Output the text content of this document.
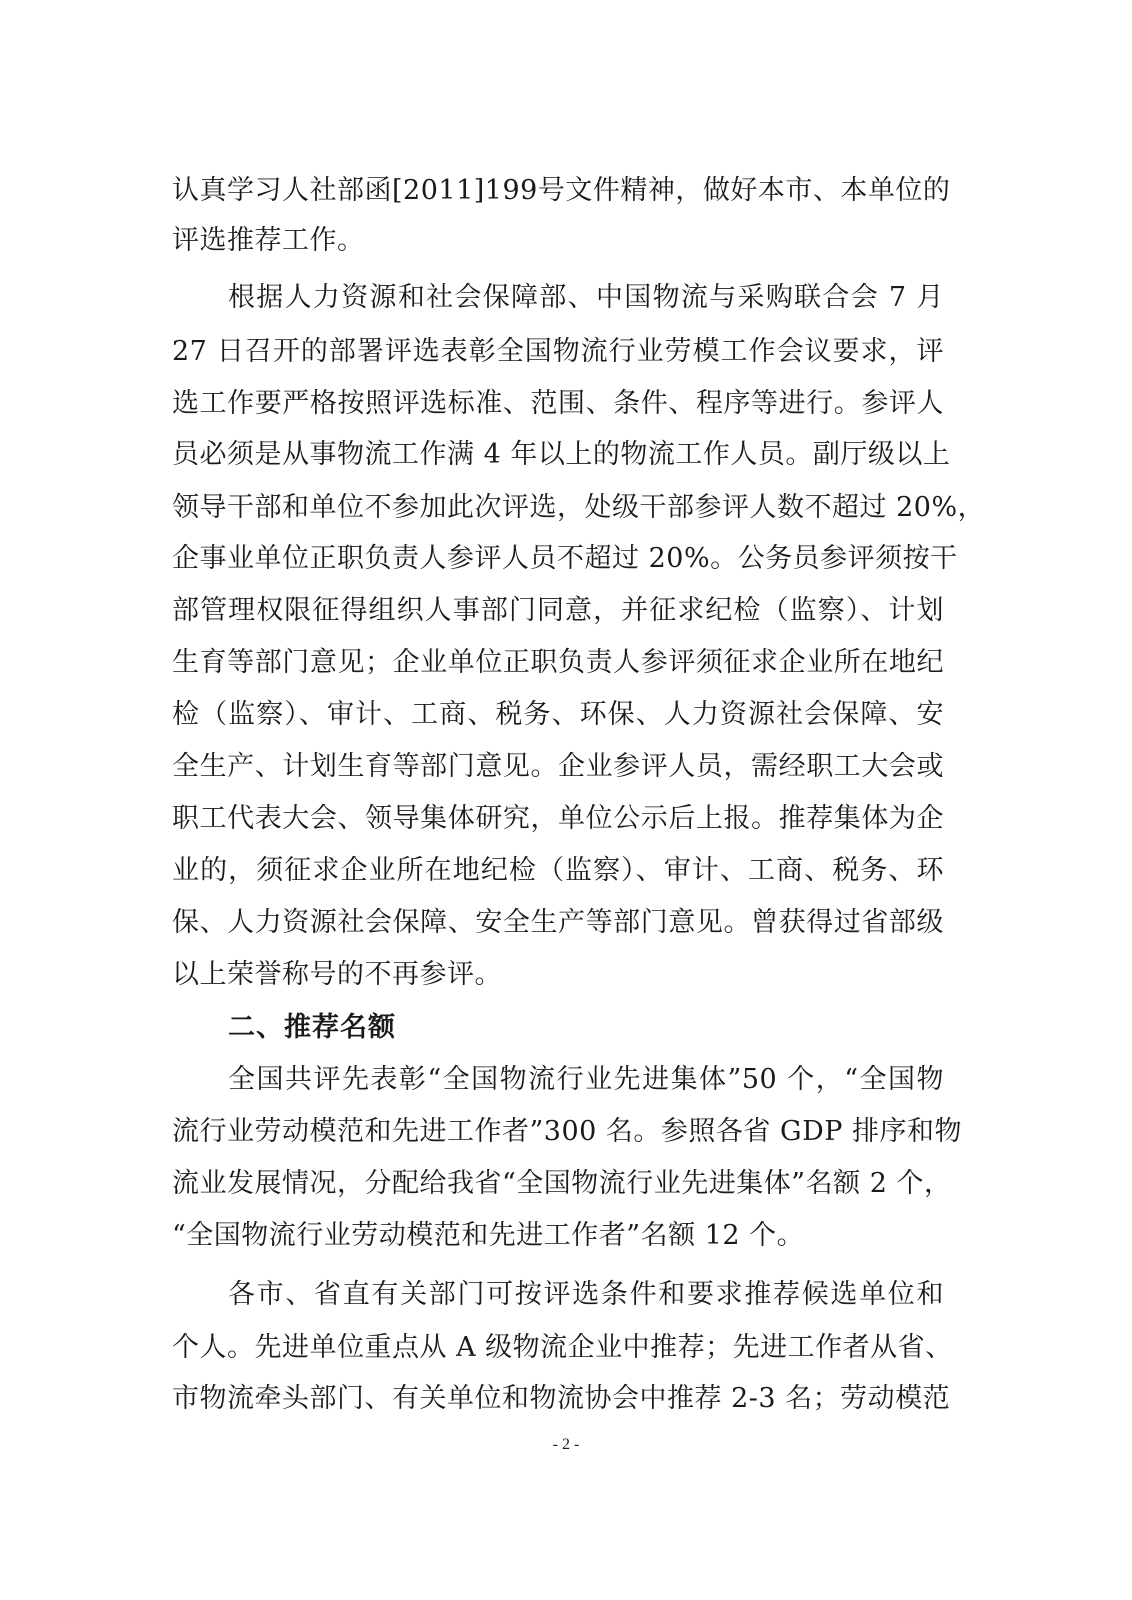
认真学习人社部函[2011]199号文件精神，做好本市、本单位的
评选推荐工作。
根据人力资源和社会保障部、中国物流与采购联合会 7 月
27 日召开的部署评选表彰全国物流行业劳模工作会议要求，评
选工作要严格按照评选标准、范围、条件、程序等进行。参评人
员必须是从事物流工作满 4 年以上的物流工作人员。副厅级以上
领导干部和单位不参加此次评选，处级干部参评人数不超过 20%，
企事业单位正职负责人参评人员不超过 20%。公务员参评须按干
部管理权限征得组织人事部门同意，并征求纪检（监察）、计划
生育等部门意见；企业单位正职负责人参评须征求企业所在地纪
检（监察）、审计、工商、税务、环保、人力资源社会保障、安
全生产、计划生育等部门意见。企业参评人员，需经职工大会或
职工代表大会、领导集体研究，单位公示后上报。推荐集体为企
业的，须征求企业所在地纪检（监察）、审计、工商、税务、环
保、人力资源社会保障、安全生产等部门意见。曾获得过省部级
以上荣誉称号的不再参评。
二、推荐名额
全国共评先表彰“全国物流行业先进集体”50 个，“全国物
流行业劳动模范和先进工作者”300 名。参照各省 GDP 排序和物
流业发展情况，分配给我省“全国物流行业先进集体”名额 2 个，
“全国物流行业劳动模范和先进工作者”名额 12 个。
各市、省直有关部门可按评选条件和要求推荐候选单位和
个人。先进单位重点从 A 级物流企业中推荐；先进工作者从省、
市物流牵头部门、有关单位和物流协会中推荐 2-3 名；劳动模范
- 2 -
